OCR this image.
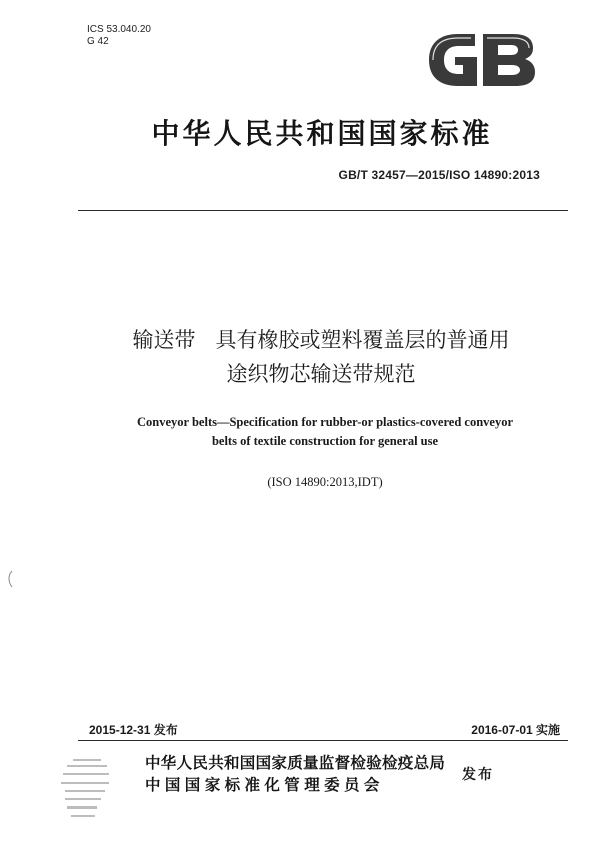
ICS 53.040.20
G 42
中华人民共和国国家标准
GB/T 32457—2015/ISO 14890:2013
输送带   具有橡胶或塑料覆盖层的普通用
途织物芯输送带规范
Conveyor belts—Specification for rubber-or plastics-covered conveyor
belts of textile construction for general use
(ISO 14890:2013,IDT)
2015-12-31 发布	2016-07-01 实施
中华人民共和国国家质量监督检验检疫总局
中国国家标准化管理委员会	发布
